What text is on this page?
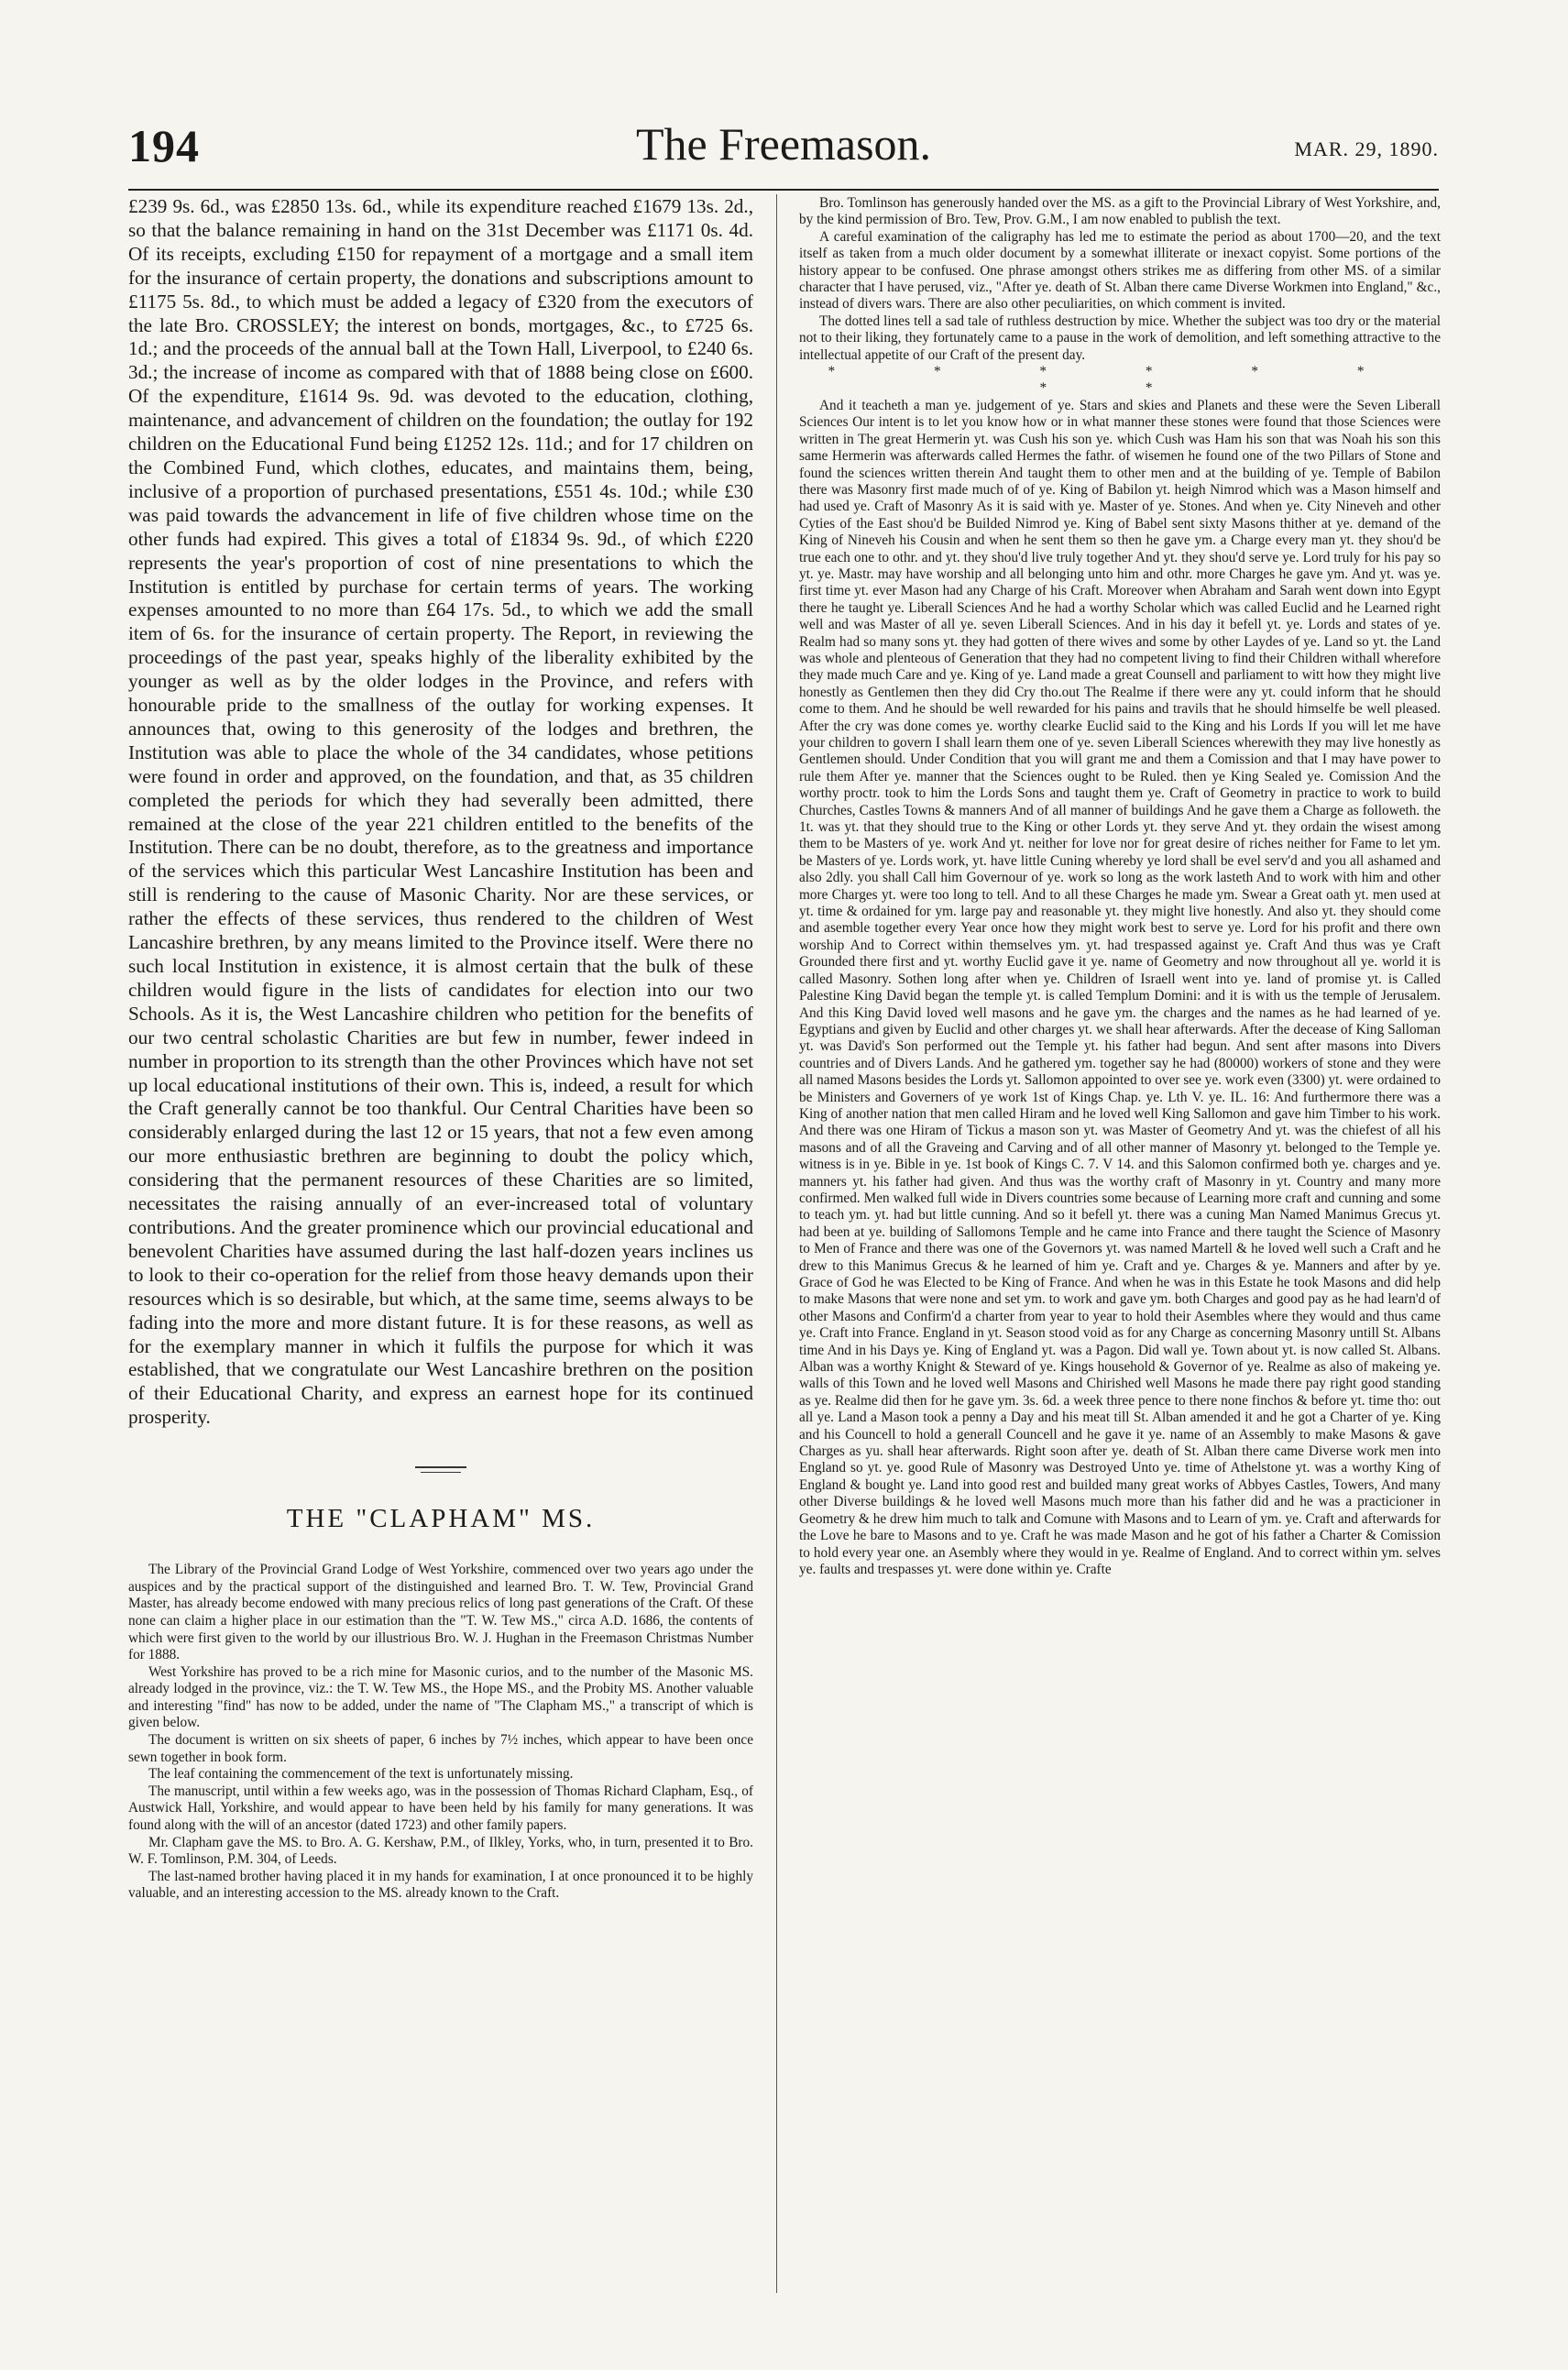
194	The Freemason.	MAR. 29, 1890.

£239 9s. 6d., was £2850 13s. 6d., while its expenditure reached £1679 13s. 2d., so that the balance remaining in hand on the 31st December was £1171 0s. 4d. Of its receipts, excluding £150 for repayment of a mortgage and a small item for the insurance of certain property, the donations and subscriptions amount to £1175 5s. 8d., to which must be added a legacy of £320 from the executors of the late Bro. CROSSLEY; the interest on bonds, mortgages, &c., to £725 6s. 1d.; and the proceeds of the annual ball at the Town Hall, Liverpool, to £240 6s. 3d.; the increase of income as compared with that of 1888 being close on £600. Of the expenditure, £1614 9s. 9d. was devoted to the education, clothing, maintenance, and advancement of children on the foundation; the outlay for 192 children on the Educational Fund being £1252 12s. 11d.; and for 17 children on the Combined Fund, which clothes, educates, and maintains them, being, inclusive of a proportion of purchased presentations, £551 4s. 10d.; while £30 was paid towards the advancement in life of five children whose time on the other funds had expired. This gives a total of £1834 9s. 9d., of which £220 represents the year's proportion of cost of nine presentations to which the Institution is entitled by purchase for certain terms of years. The working expenses amounted to no more than £64 17s. 5d., to which we add the small item of 6s. for the insurance of certain property. The Report, in reviewing the proceedings of the past year, speaks highly of the liberality exhibited by the younger as well as by the older lodges in the Province, and refers with honourable pride to the smallness of the outlay for working expenses. It announces that, owing to this generosity of the lodges and brethren, the Institution was able to place the whole of the 34 candidates, whose petitions were found in order and approved, on the foundation, and that, as 35 children completed the periods for which they had severally been admitted, there remained at the close of the year 221 children entitled to the benefits of the Institution. There can be no doubt, therefore, as to the greatness and importance of the services which this particular West Lancashire Institution has been and still is rendering to the cause of Masonic Charity. Nor are these services, or rather the effects of these services, thus rendered to the children of West Lancashire brethren, by any means limited to the Province itself. Were there no such local Institution in existence, it is almost certain that the bulk of these children would figure in the lists of candidates for election into our two Schools. As it is, the West Lancashire children who petition for the benefits of our two central scholastic Charities are but few in number, fewer indeed in number in proportion to its strength than the other Provinces which have not set up local educational institutions of their own. This is, indeed, a result for which the Craft generally cannot be too thankful. Our Central Charities have been so considerably enlarged during the last 12 or 15 years, that not a few even among our more enthusiastic brethren are beginning to doubt the policy which, considering that the permanent resources of these Charities are so limited, necessitates the raising annually of an ever-increased total of voluntary contributions. And the greater prominence which our provincial educational and benevolent Charities have assumed during the last half-dozen years inclines us to look to their co-operation for the relief from those heavy demands upon their resources which is so desirable, but which, at the same time, seems always to be fading into the more and more distant future. It is for these reasons, as well as for the exemplary manner in which it fulfils the purpose for which it was established, that we congratulate our West Lancashire brethren on the position of their Educational Charity, and express an earnest hope for its continued prosperity.

THE "CLAPHAM" MS.

The Library of the Provincial Grand Lodge of West Yorkshire, commenced over two years ago under the auspices and by the practical support of the distinguished and learned Bro. T. W. Tew, Provincial Grand Master, has already become endowed with many precious relics of long past generations of the Craft. Of these none can claim a higher place in our estimation than the "T. W. Tew MS.," circa A.D. 1686, the contents of which were first given to the world by our illustrious Bro. W. J. Hughan in the Freemason Christmas Number for 1888.

West Yorkshire has proved to be a rich mine for Masonic curios, and to the number of the Masonic MS. already lodged in the province, viz.: the T. W. Tew MS., the Hope MS., and the Probity MS. Another valuable and interesting "find" has now to be added, under the name of "The Clapham MS.," a transcript of which is given below.

The document is written on six sheets of paper, 6 inches by 7½ inches, which appear to have been once sewn together in book form.

The leaf containing the commencement of the text is unfortunately missing.

The manuscript, until within a few weeks ago, was in the possession of Thomas Richard Clapham, Esq., of Austwick Hall, Yorkshire, and would appear to have been held by his family for many generations. It was found along with the will of an ancestor (dated 1723) and other family papers.

Mr. Clapham gave the MS. to Bro. A. G. Kershaw, P.M., of Ilkley, Yorks, who, in turn, presented it to Bro. W. F. Tomlinson, P.M. 304, of Leeds.

The last-named brother having placed it in my hands for examination, I at once pronounced it to be highly valuable, and an interesting accession to the MS. already known to the Craft.

Bro. Tomlinson has generously handed over the MS. as a gift to the Provincial Library of West Yorkshire, and, by the kind permission of Bro. Tew, Prov. G.M., I am now enabled to publish the text.

A careful examination of the caligraphy has led me to estimate the period as about 1700—20, and the text itself as taken from a much older document by a somewhat illiterate or inexact copyist. Some portions of the history appear to be confused. One phrase amongst others strikes me as differing from other MS. of a similar character that I have perused, viz., "After ye. death of St. Alban there came Diverse Workmen into England," &c., instead of divers wars. There are also other peculiarities, on which comment is invited.

The dotted lines tell a sad tale of ruthless destruction by mice. Whether the subject was too dry or the material not to their liking, they fortunately came to a pause in the work of demolition, and left something attractive to the intellectual appetite of our Craft of the present day.

* * * * * * * *

And it teacheth a man ye. judgement of ye. Stars and skies and Planets and these were the Seven Liberall Sciences Our intent is to let you know how or in what manner these stones were found that those Sciences were written in The great Hermerin yt. was Cush his son ye. which Cush was Ham his son that was Noah his son this same Hermerin was afterwards called Hermes the fathr. of wisemen he found one of the two Pillars of Stone and found the sciences written therein And taught them to other men and at the building of ye. Temple of Babilon there was Masonry first made much of of ye. King of Babilon yt. heigh Nimrod which was a Mason himself and had used ye. Craft of Masonry As it is said with ye. Master of ye. Stones. And when ye. City Nineveh and other Cyties of the East shou'd be Builded Nimrod ye. King of Babel sent sixty Masons thither at ye. demand of the King of Nineveh his Cousin and when he sent them so then he gave ym. a Charge every man yt. they shou'd be true each one to othr. and yt. they shou'd live truly together And yt. they shou'd serve ye. Lord truly for his pay so yt. ye. Mastr. may have worship and all belonging unto him and othr. more Charges he gave ym. And yt. was ye. first time yt. ever Mason had any Charge of his Craft. Moreover when Abraham and Sarah went down into Egypt there he taught ye. Liberall Sciences And he had a worthy Scholar which was called Euclid and he Learned right well and was Master of all ye. seven Liberall Sciences. And in his day it befell yt. ye. Lords and states of ye. Realm had so many sons yt. they had gotten of there wives and some by other Laydes of ye. Land so yt. the Land was whole and plenteous of Generation that they had no competent living to find their Children withall wherefore they made much Care and ye. King of ye. Land made a great Counsell and parliament to witt how they might live honestly as Gentlemen then they did Cry tho.out The Realme if there were any yt. could inform that he should come to them. And he should be well rewarded for his pains and travils that he should himselfe be well pleased. After the cry was done comes ye. worthy clearke Euclid said to the King and his Lords If you will let me have your children to govern I shall learn them one of ye. seven Liberall Sciences wherewith they may live honestly as Gentlemen should. Under Condition that you will grant me and them a Comission and that I may have power to rule them After ye. manner that the Sciences ought to be Ruled. then ye King Sealed ye. Comission And the worthy proctr. took to him the Lords Sons and taught them ye. Craft of Geometry in practice to work to build Churches, Castles Towns & manners And of all manner of buildings And he gave them a Charge as followeth. the 1t. was yt. that they should true to the King or other Lords yt. they serve And yt. they ordain the wisest among them to be Masters of ye. work And yt. neither for love nor for great desire of riches neither for Fame to let ym. be Masters of ye. Lords work, yt. have little Cuning whereby ye lord shall be evel serv'd and you all ashamed and also 2dly. you shall Call him Governour of ye. work so long as the work lasteth And to work with him and other more Charges yt. were too long to tell. And to all these Charges he made ym. Swear a Great oath yt. men used at yt. time & ordained for ym. large pay and reasonable yt. they might live honestly. And also yt. they should come and asemble together every Year once how they might work best to serve ye. Lord for his profit and there own worship And to Correct within themselves ym. yt. had trespassed against ye. Craft And thus was ye Craft Grounded there first and yt. worthy Euclid gave it ye. name of Geometry and now throughout all ye. world it is called Masonry. Sothen long after when ye. Children of Israell went into ye. land of promise yt. is Called Palestine King David began the temple yt. is called Templum Domini: and it is with us the temple of Jerusalem. And this King David loved well masons and he gave ym. the charges and the names as he had learned of ye. Egyptians and given by Euclid and other charges yt. we shall hear afterwards. After the decease of King Salloman yt. was David's Son performed out the Temple yt. his father had begun. And sent after masons into Divers countries and of Divers Lands. And he gathered ym. together say he had (80000) workers of stone and they were all named Masons besides the Lords yt. Sallomon appointed to over see ye. work even (3300) yt. were ordained to be Ministers and Governers of ye work 1st of Kings Chap. ye. Lth V. ye. IL. 16: And furthermore there was a King of another nation that men called Hiram and he loved well King Sallomon and gave him Timber to his work. And there was one Hiram of Tickus a mason son yt. was Master of Geometry And yt. was the chiefest of all his masons and of all the Graveing and Carving and of all other manner of Masonry yt. belonged to the Temple ye. witness is in ye. Bible in ye. 1st book of Kings C. 7. V 14. and this Salomon confirmed both ye. charges and ye. manners yt. his father had given. And thus was the worthy craft of Masonry in yt. Country and many more confirmed. Men walked full wide in Divers countries some because of Learning more craft and cunning and some to teach ym. yt. had but little cunning. And so it befell yt. there was a cuning Man Named Manimus Grecus yt. had been at ye. building of Sallomons Temple and he came into France and there taught the Science of Masonry to Men of France and there was one of the Governors yt. was named Martell & he loved well such a Craft and he drew to this Manimus Grecus & he learned of him ye. Craft and ye. Charges & ye. Manners and after by ye. Grace of God he was Elected to be King of France. And when he was in this Estate he took Masons and did help to make Masons that were none and set ym. to work and gave ym. both Charges and good pay as he had learn'd of other Masons and Confirm'd a charter from year to year to hold their Asembles where they would and thus came ye. Craft into France. England in yt. Season stood void as for any Charge as concerning Masonry untill St. Albans time And in his Days ye. King of England yt. was a Pagon. Did wall ye. Town about yt. is now called St. Albans. Alban was a worthy Knight & Steward of ye. Kings household & Governor of ye. Realme as also of makeing ye. walls of this Town and he loved well Masons and Chirished well Masons he made there pay right good standing as ye. Realme did then for he gave ym. 3s. 6d. a week three pence to there none finchos & before yt. time tho: out all ye. Land a Mason took a penny a Day and his meat till St. Alban amended it and he got a Charter of ye. King and his Councell to hold a generall Councell and he gave it ye. name of an Assembly to make Masons & gave Charges as yu. shall hear afterwards. Right soon after ye. death of St. Alban there came Diverse work men into England so yt. ye. good Rule of Masonry was Destroyed Unto ye. time of Athelstone yt. was a worthy King of England & bought ye. Land into good rest and builded many great works of Abbyes Castles, Towers, And many other Diverse buildings & he loved well Masons much more than his father did and he was a practicioner in Geometry & he drew him much to talk and Comune with Masons and to Learn of ym. ye. Craft and afterwards for the Love he bare to Masons and to ye. Craft he was made Mason and he got of his father a Charter & Comission to hold every year one. an Asembly where they would in ye. Realme of England. And to correct within ym. selves ye. faults and trespasses yt. were done within ye. Crafte
